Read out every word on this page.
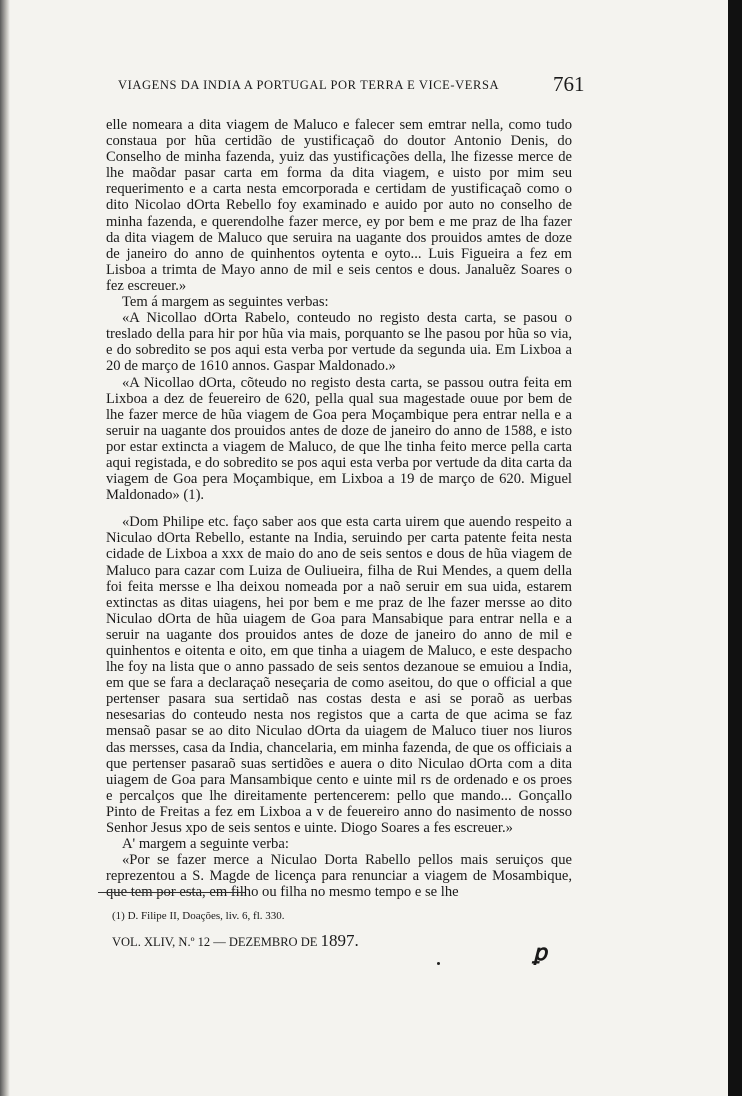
VIAGENS DA INDIA A PORTUGAL POR TERRA E VICE-VERSA	761

elle nomeara a dita viagem de Maluco e falecer sem emtrar nella, como tudo constaua por hũa certidão de yustificaçaõ do doutor Antonio Denis, do Conselho de minha fazenda, yuiz das yustificações della, lhe fizesse merce de lhe maõdar pasar carta em forma da dita viagem, e uisto por mim seu requerimento e a carta nesta emcorporada e certidam de yustificaçaõ como o dito Nicolao dOrta Rebello foy examinado e auido por auto no conselho de minha fazenda, e querendolhe fazer merce, ey por bem e me praz de lha fazer da dita viagem de Maluco que seruira na uagante dos prouidos amtes de doze de janeiro do anno de quinhentos oytenta e oyto... Luis Figueira a fez em Lisboa a trimta de Mayo anno de mil e seis centos e dous. Janaluẽz Soares o fez escreuer.»

Tem á margem as seguintes verbas:

«A Nicollao dOrta Rabelo, conteudo no registo desta carta, se pasou o treslado della para hir por hũa via mais, porquanto se lhe pasou por hũa so via, e do sobredito se pos aqui esta verba por vertude da segunda uia. Em Lixboa a 20 de março de 1610 annos. Gaspar Maldonado.»

«A Nicollao dOrta, cõteudo no registo desta carta, se passou outra feita em Lixboa a dez de feuereiro de 620, pella qual sua magestade ouue por bem de lhe fazer merce de hũa viagem de Goa pera Moçambique pera entrar nella e a seruir na uagante dos prouidos antes de doze de janeiro do anno de 1588, e isto por estar extincta a viagem de Maluco, de que lhe tinha feito merce pella carta aqui registada, e do sobredito se pos aqui esta verba por vertude da dita carta da viagem de Goa pera Moçambique, em Lixboa a 19 de março de 620. Miguel Maldonado» (1).

«Dom Philipe etc. faço saber aos que esta carta uirem que auendo respeito a Niculao dOrta Rebello, estante na India, seruindo per carta patente feita nesta cidade de Lixboa a xxx de maio do ano de seis sentos e dous de hũa viagem de Maluco para cazar com Luiza de Ouliueira, filha de Rui Mendes, a quem della foi feita mersse e lha deixou nomeada por a naõ seruir em sua uida, estarem extinctas as ditas uiagens, hei por bem e me praz de lhe fazer mersse ao dito Niculao dOrta de hũa uiagem de Goa para Mansabique para entrar nella e a seruir na uagante dos prouidos antes de doze de janeiro do anno de mil e quinhentos e oitenta e oito, em que tinha a uiagem de Maluco, e este despacho lhe foy na lista que o anno passado de seis sentos dezanoue se emuiou a India, em que se fara a declaraçaõ neseçaria de como aseitou, do que o official a que pertenser pasara sua sertidaõ nas costas desta e asi se poraõ as uerbas nesesarias do conteudo nesta nos registos que a carta de que acima se faz mensaõ pasar se ao dito Niculao dOrta da uiagem de Maluco tiuer nos liuros das mersses, casa da India, chancelaria, em minha fazenda, de que os officiais a que pertenser pasaraõ suas sertidões e auera o dito Niculao dOrta com a dita uiagem de Goa para Mansambique cento e uinte mil rs de ordenado e os proes e percalços que lhe direitamente pertencerem: pello que mando... Gonçallo Pinto de Freitas a fez em Lixboa a v de feuereiro anno do nasimento de nosso Senhor Jesus xpo de seis sentos e uinte. Diogo Soares a fes escreuer.»

A' margem a seguinte verba:

«Por se fazer merce a Niculao Dorta Rabello pellos mais seruiços que reprezentou a S. Magde de licença para renunciar a viagem de Mosambique, que tem por esta, em filho ou filha no mesmo tempo e se lhe

(1) D. Filipe II, Doações, liv. 6, fl. 330.
VOL. XLIV, N.º 12 — DEZEMBRO DE 1897.	ꝑ
